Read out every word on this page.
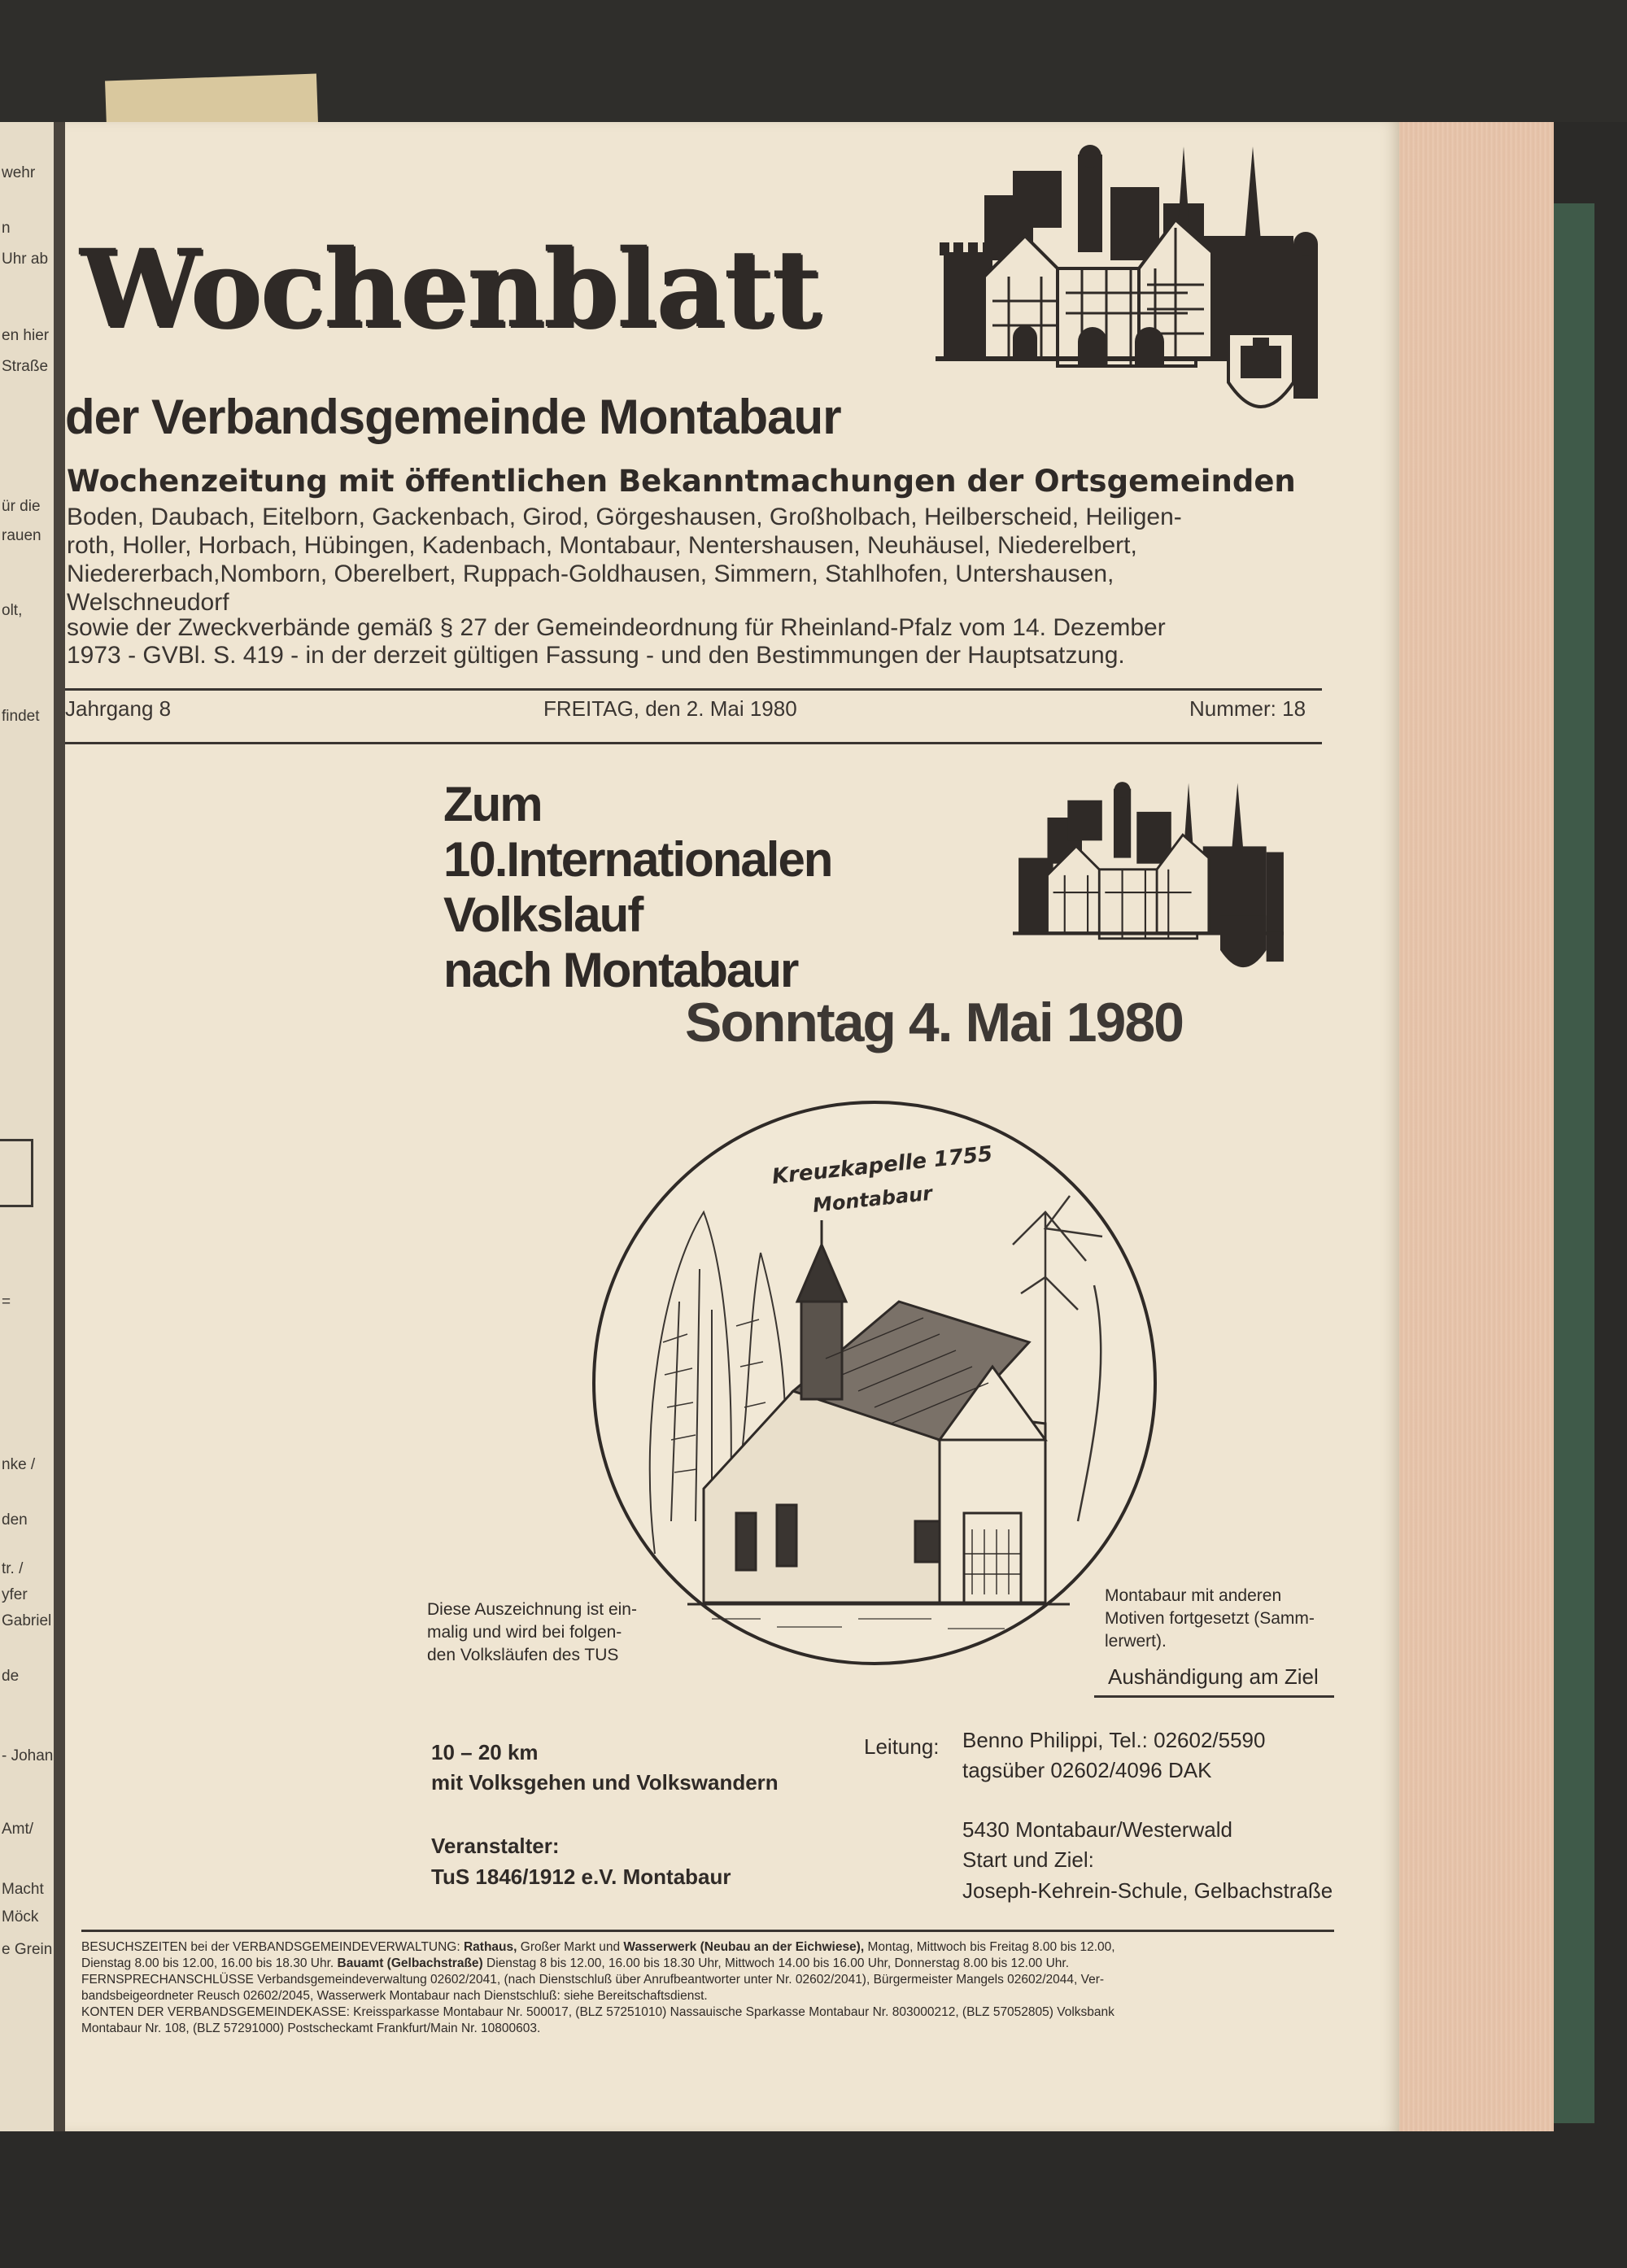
wehr
n
Uhr ab
en hier
Straße
ür die
rauen
olt,
findet
=
nke /
den
tr. /
yfer
Gabriel
de
- Johan
Amt/
Macht
Möck
e Grein
Wochenblatt
der Verbandsgemeinde Montabaur
Wochenzeitung mit öffentlichen Bekanntmachungen der Ortsgemeinden
Boden, Daubach, Eitelborn, Gackenbach, Girod, Görgeshausen, Großholbach, Heilberscheid, Heiligen-
roth, Holler, Horbach, Hübingen, Kadenbach, Montabaur, Nentershausen, Neuhäusel, Niederelbert,
Niedererbach,Nomborn, Oberelbert, Ruppach-Goldhausen, Simmern, Stahlhofen, Untershausen,
Welschneudorf
sowie der Zweckverbände gemäß § 27 der Gemeindeordnung für Rheinland-Pfalz vom 14. Dezember
1973 - GVBl. S. 419 - in der derzeit gültigen Fassung - und den Bestimmungen der Hauptsatzung.
Jahrgang 8	FREITAG, den 2. Mai 1980	Nummer: 18
Zum
10.Internationalen
Volkslauf
nach Montabaur
Sonntag 4. Mai 1980
Kreuzkapelle 1755
Montabaur
Diese Auszeichnung ist ein-
malig und wird bei folgen-
den Volksläufen des TUS
Montabaur mit anderen
Motiven fortgesetzt (Samm-
lerwert).
Aushändigung am Ziel
10 – 20 km
mit Volksgehen und Volkswandern
Veranstalter:
TuS 1846/1912 e.V. Montabaur
Leitung: Benno Philippi, Tel.: 02602/5590
tagsüber 02602/4096 DAK
5430 Montabaur/Westerwald
Start und Ziel:
Joseph-Kehrein-Schule, Gelbachstraße
BESUCHSZEITEN bei der VERBANDSGEMEINDEVERWALTUNG: Rathaus, Großer Markt und Wasserwerk (Neubau an der Eichwiese), Montag, Mittwoch bis Freitag 8.00 bis 12.00,
Dienstag 8.00 bis 12.00, 16.00 bis 18.30 Uhr. Bauamt (Gelbachstraße) Dienstag 8 bis 12.00, 16.00 bis 18.30 Uhr, Mittwoch 14.00 bis 16.00 Uhr, Donnerstag 8.00 bis 12.00 Uhr.
FERNSPRECHANSCHLÜSSE Verbandsgemeindeverwaltung 02602/2041, (nach Dienstschluß über Anrufbeantworter unter Nr. 02602/2041), Bürgermeister Mangels 02602/2044, Ver-
bandsbeigeordneter Reusch 02602/2045, Wasserwerk Montabaur nach Dienstschluß: siehe Bereitschaftsdienst.
KONTEN DER VERBANDSGEMEINDEKASSE: Kreissparkasse Montabaur Nr. 500017, (BLZ 57251010) Nassauische Sparkasse Montabaur Nr. 803000212, (BLZ 57052805) Volksbank
Montabaur Nr. 108, (BLZ 57291000) Postscheckamt Frankfurt/Main Nr. 10800603.
